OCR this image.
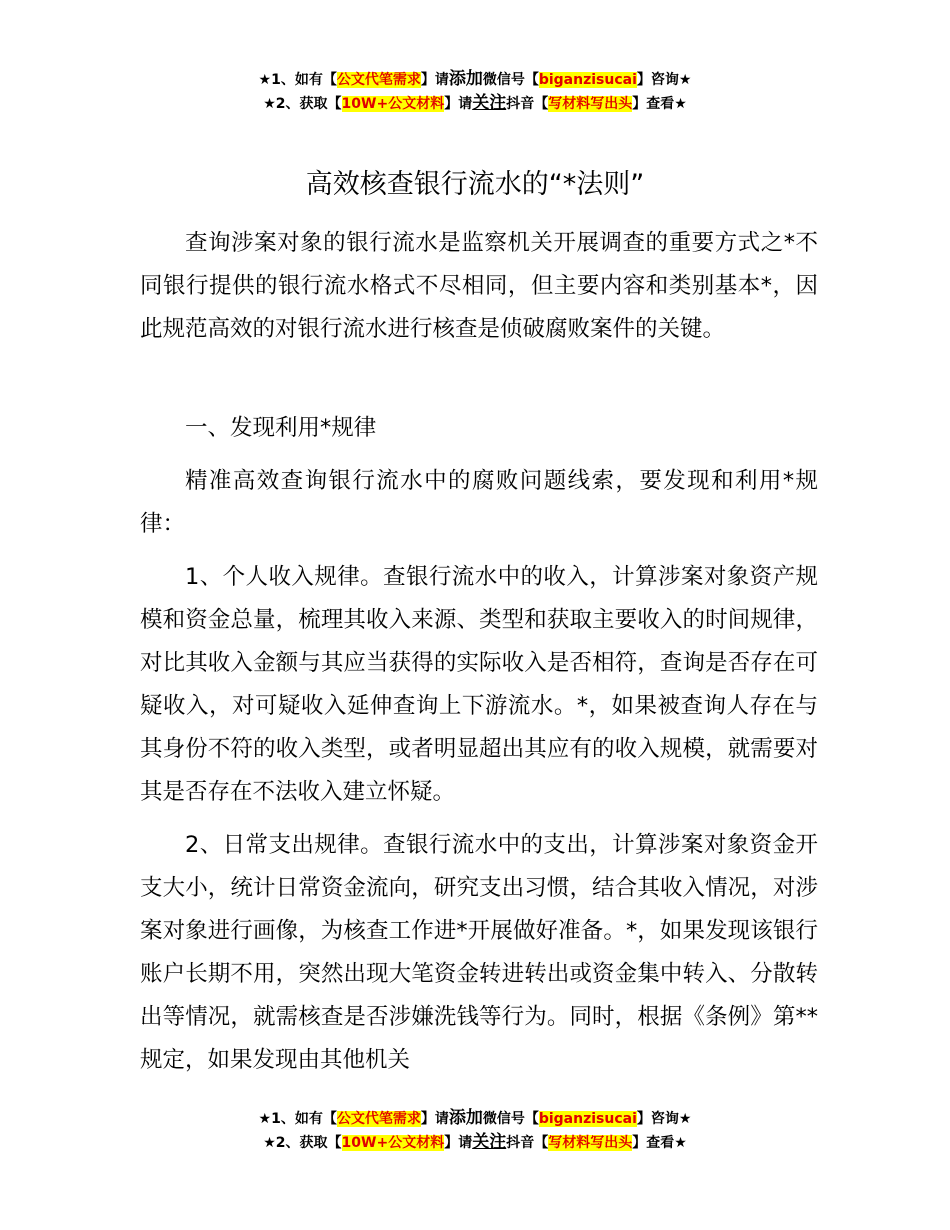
★1、如有【公文代笔需求】请添加微信号【biganzisucai】咨询★
★2、获取【10W+公文材料】请关注抖音【写材料写出头】查看★
高效核查银行流水的“*法则”

查询涉案对象的银行流水是监察机关开展调查的重要方式之*不同银行提供的银行流水格式不尽相同，但主要内容和类别基本*，因此规范高效的对银行流水进行核查是侦破腐败案件的关键。

一、发现利用*规律

精准高效查询银行流水中的腐败问题线索，要发现和利用*规律：

1、个人收入规律。查银行流水中的收入，计算涉案对象资产规模和资金总量，梳理其收入来源、类型和获取主要收入的时间规律，对比其收入金额与其应当获得的实际收入是否相符，查询是否存在可疑收入，对可疑收入延伸查询上下游流水。*，如果被查询人存在与其身份不符的收入类型，或者明显超出其应有的收入规模，就需要对其是否存在不法收入建立怀疑。

2、日常支出规律。查银行流水中的支出，计算涉案对象资金开支大小，统计日常资金流向，研究支出习惯，结合其收入情况，对涉案对象进行画像，为核查工作进*开展做好准备。*，如果发现该银行账户长期不用，突然出现大笔资金转进转出或资金集中转入、分散转出等情况，就需核查是否涉嫌洗钱等行为。同时，根据《条例》第**规定，如果发现由其他机关

★1、如有【公文代笔需求】请添加微信号【biganzisucai】咨询★
★2、获取【10W+公文材料】请关注抖音【写材料写出头】查看★
